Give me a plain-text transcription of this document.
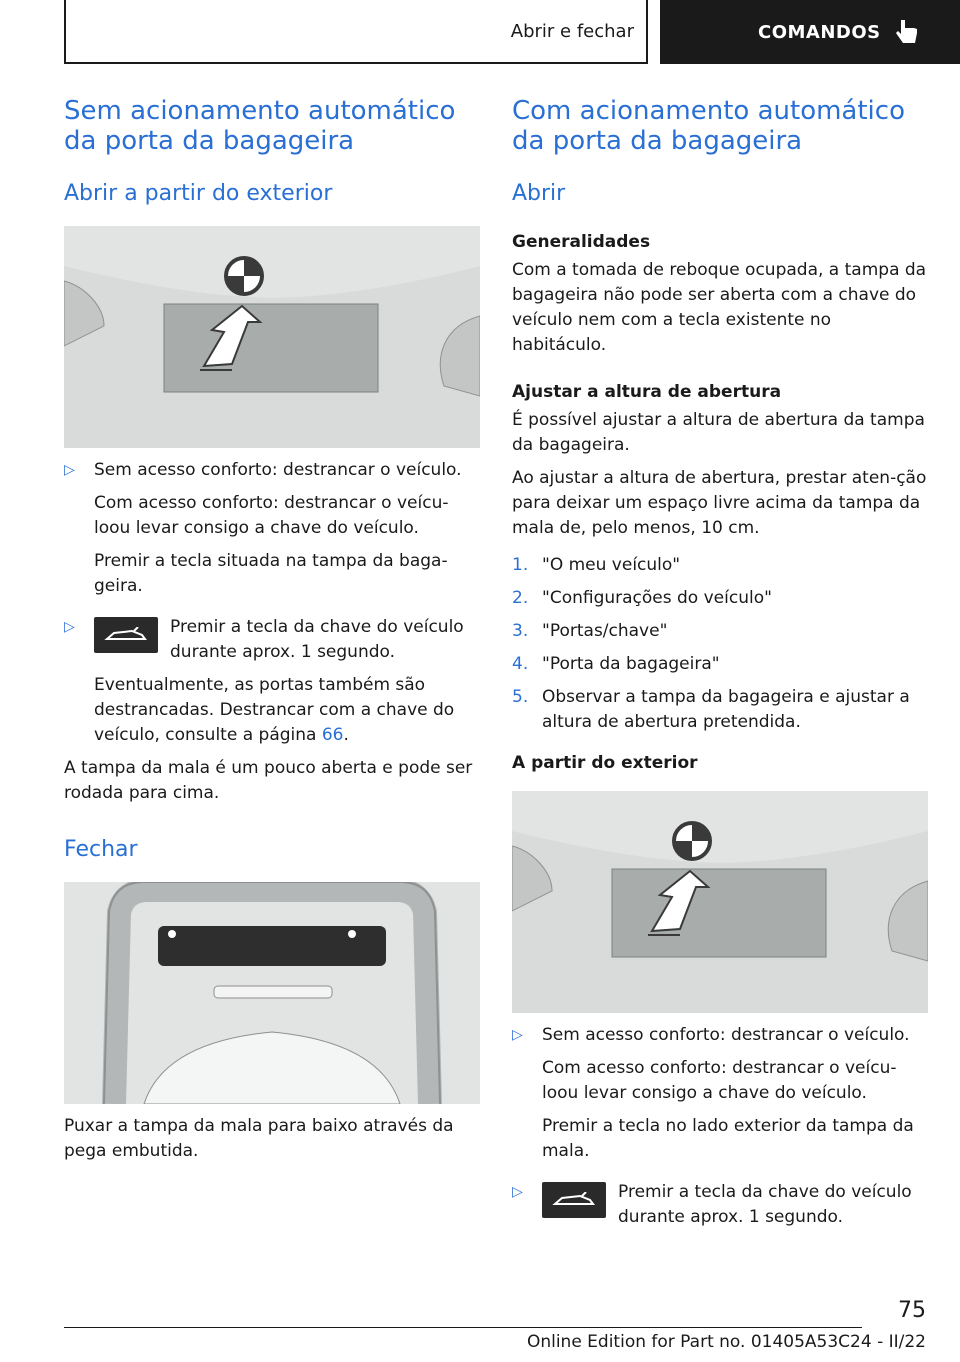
Abrir e fechar	COMANDOS
Sem acionamento automático da porta da bagageira
Abrir a partir do exterior
▷ Sem acesso conforto: destrancar o veículo.

Com acesso conforto: destrancar o veícu-loou levar consigo a chave do veículo.

Premir a tecla situada na tampa da baga-geira.

▷	Premir a tecla da chave do veículo durante aprox. 1 segundo.

Eventualmente, as portas também são destrancadas. Destrancar com a chave do veículo, consulte a página 66.

A tampa da mala é um pouco aberta e pode ser rodada para cima.

Fechar

Puxar a tampa da mala para baixo através da pega embutida.

Com acionamento automático da porta da bagageira
Abrir
Generalidades

Com a tomada de reboque ocupada, a tampa da bagageira não pode ser aberta com a chave do veículo nem com a tecla existente no habitáculo.

Ajustar a altura de abertura

É possível ajustar a altura de abertura da tampa da bagageira.

Ao ajustar a altura de abertura, prestar aten-ção para deixar um espaço livre acima da tampa da mala de, pelo menos, 10 cm.

1. "O meu veículo"
2. "Configurações do veículo"
3. "Portas/chave"
4. "Porta da bagageira"
5. Observar a tampa da bagageira e ajustar a altura de abertura pretendida.
A partir do exterior
▷ Sem acesso conforto: destrancar o veículo.

Com acesso conforto: destrancar o veícu-loou levar consigo a chave do veículo.

Premir a tecla no lado exterior da tampa da mala.

▷	Premir a tecla da chave do veículo durante aprox. 1 segundo.

75
Online Edition for Part no. 01405A53C24 - II/22
